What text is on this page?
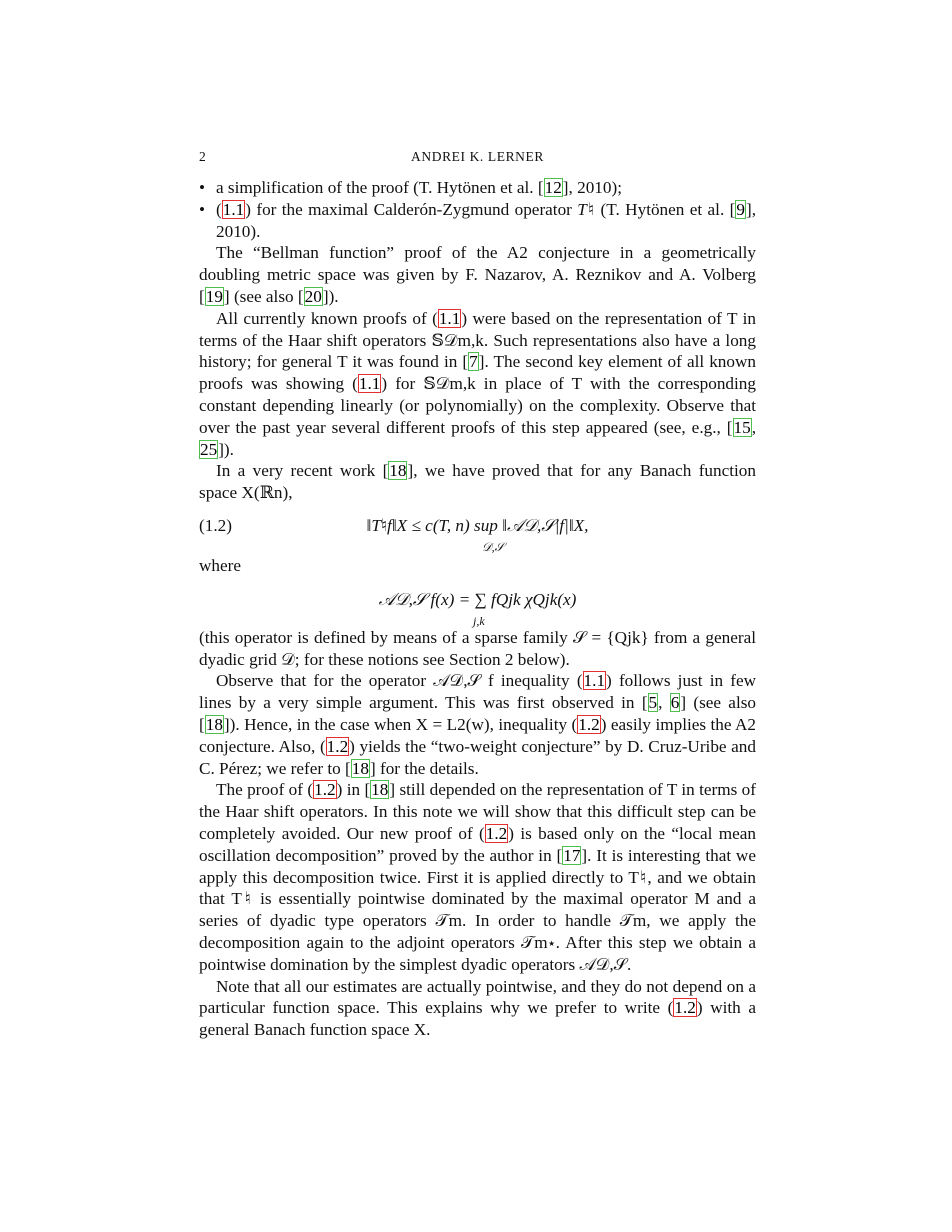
2	ANDREI K. LERNER
• a simplification of the proof (T. Hytönen et al. [12], 2010);
• (1.1) for the maximal Calderón-Zygmund operator T♮ (T. Hytönen et al. [9], 2010).

The “Bellman function” proof of the A2 conjecture in a geometrically doubling metric space was given by F. Nazarov, A. Reznikov and A. Volberg [19] (see also [20]).

All currently known proofs of (1.1) were based on the representation of T in terms of the Haar shift operators 𝕊𝒟m,k. Such representations also have a long history; for general T it was found in [7]. The second key element of all known proofs was showing (1.1) for 𝕊𝒟m,k in place of T with the corresponding constant depending linearly (or polynomially) on the complexity. Observe that over the past year several different proofs of this step appeared (see, e.g., [15, 25]).

In a very recent work [18], we have proved that for any Banach function space X(ℝn),

(1.2)	‖T♮f‖X ≤ c(T, n) sup ‖𝒜𝒟,𝒮|f|‖X,
𝒟,𝒮

where

𝒜𝒟,𝒮 f(x) = ∑ fQjk χQjk(x)
j,k

(this operator is defined by means of a sparse family 𝒮 = {Qjk} from a general dyadic grid 𝒟; for these notions see Section 2 below).

Observe that for the operator 𝒜𝒟,𝒮 f inequality (1.1) follows just in few lines by a very simple argument. This was first observed in [5, 6] (see also [18]). Hence, in the case when X = L2(w), inequality (1.2) easily implies the A2 conjecture. Also, (1.2) yields the “two-weight conjecture” by D. Cruz-Uribe and C. Pérez; we refer to [18] for the details.

The proof of (1.2) in [18] still depended on the representation of T in terms of the Haar shift operators. In this note we will show that this difficult step can be completely avoided. Our new proof of (1.2) is based only on the “local mean oscillation decomposition” proved by the author in [17]. It is interesting that we apply this decomposition twice. First it is applied directly to T♮, and we obtain that T♮ is essentially pointwise dominated by the maximal operator M and a series of dyadic type operators 𝒯m. In order to handle 𝒯m, we apply the decomposition again to the adjoint operators 𝒯m⋆. After this step we obtain a pointwise domination by the simplest dyadic operators 𝒜𝒟,𝒮.

Note that all our estimates are actually pointwise, and they do not depend on a particular function space. This explains why we prefer to write (1.2) with a general Banach function space X.
